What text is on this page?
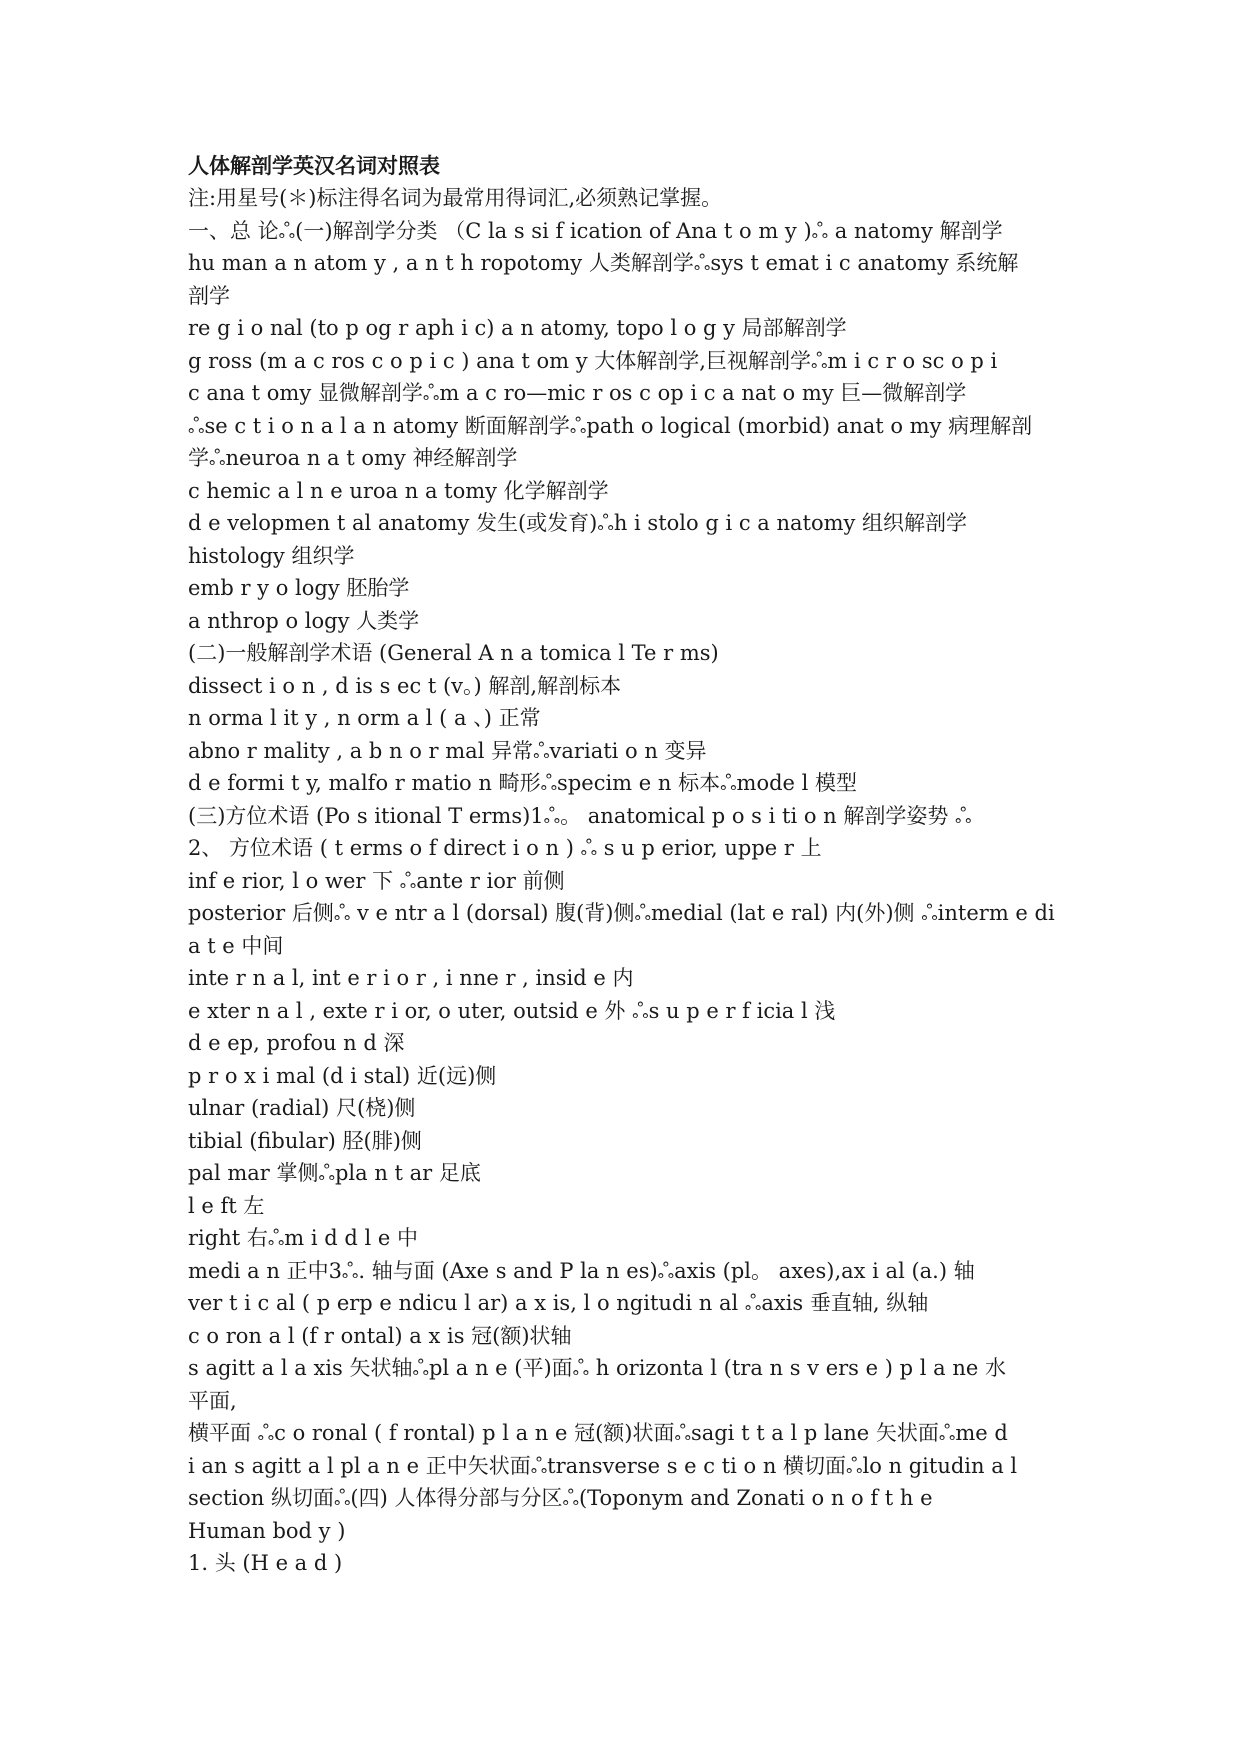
人体解剖学英汉名词对照表
注:用星号(＊)标注得名词为最常用得词汇,必须熟记掌握。
一、总 论ஃ(一)解剖学分类 （C la s si f ication of Ana t o m y )ஃ a natomy 解剖学
hu man a n atom y , a n t h ropotomy 人类解剖学ஃsys t emat i c anatomy 系统解
剖学
re g i o nal (to p og r aph i c) a n atomy, topo l o g y 局部解剖学
g ross (m a c ros c o p i c ) ana t om y 大体解剖学,巨视解剖学ஃm i c r o sc o p i
c ana t omy 显微解剖学ஃm a c ro—mic r os c op i c a nat o my 巨—微解剖学
ஃse c t i o n a l a n atomy 断面解剖学ஃpath o logical (morbid) anat o my 病理解剖
学ஃneuroa n a t omy 神经解剖学
c hemic a l n e uroa n a tomy 化学解剖学
d e velopmen t al anatomy 发生(或发育)ஃh i stolo g i c a natomy 组织解剖学
histology 组织学
emb r y o logy 胚胎学
a nthrop o logy 人类学
(二)一般解剖学术语 (General A n a tomica l Te r ms)
dissect i o n , d is s ec t (v。) 解剖,解剖标本
n orma l it y , n orm a l ( a 、) 正常
abno r mality , a b n o r mal 异常ஃvariati o n 变异
d e formi t y, malfo r matio n 畸形ஃspecim e n 标本ஃmode l 模型
(三)方位术语 (Po s itional T erms)1ஃ。 anatomical p o s i ti o n 解剖学姿势 ஃ
2、 方位术语 ( t erms o f direct i o n ) ஃ s u p erior, uppe r 上
inf e rior, l o wer 下 ஃante r ior 前侧
posterior 后侧ஃ v e ntr a l (dorsal) 腹(背)侧ஃmedial (lat e ral) 内(外)侧 ஃinterm e di
a t e 中间
inte r n a l, int e r i o r , i nne r , insid e 内
e xter n a l , exte r i or, o uter, outsid e 外 ஃs u p e r f icia l 浅
d e ep, profou n d 深
p r o x i mal (d i stal) 近(远)侧
ulnar (radial) 尺(桡)侧
tibial (fibular) 胫(腓)侧
pal mar 掌侧ஃpla n t ar 足底
l e ft 左
right 右ஃm i d d l e 中
medi a n 正中3ஃ. 轴与面 (Axe s and P la n es)ஃaxis (pl。 axes),ax i al (a.) 轴
ver t i c al ( p erp e ndicu l ar) a x is, l o ngitudi n al ஃaxis 垂直轴, 纵轴
c o ron a l (f r ontal) a x is 冠(额)状轴
s agitt a l a xis 矢状轴ஃpl a n e (平)面ஃ h orizonta l (tra n s v ers e ) p l a ne 水
平面,
横平面 ஃc o ronal ( f rontal) p l a n e 冠(额)状面ஃsagi t t a l p lane 矢状面ஃme d
i an s agitt a l pl a n e 正中矢状面ஃtransverse s e c ti o n 横切面ஃlo n gitudin a l
section 纵切面ஃ(四) 人体得分部与分区ஃ(Toponym and Zonati o n o f t h e
Human bod y )
1. 头 (H e a d )
